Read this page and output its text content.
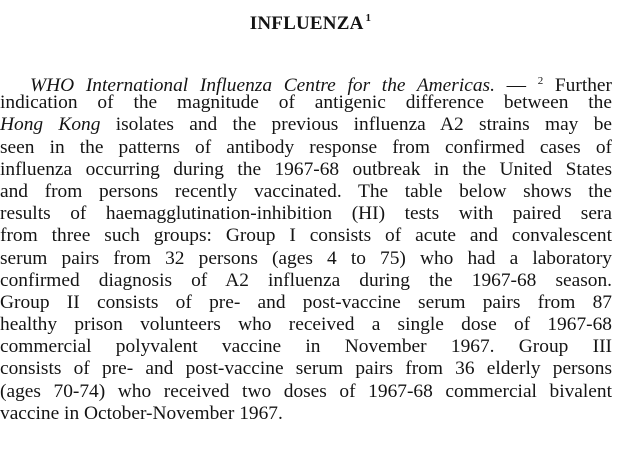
INFLUENZA $^1$
WHO International Influenza Centre for the Americas. — $^2$ Further
indication of the magnitude of antigenic difference between the
Hong Kong isolates and the previous influenza A2 strains may be
seen in the patterns of antibody response from confirmed cases of
influenza occurring during the 1967-68 outbreak in the United States
and from persons recently vaccinated. The table below shows the
results of haemagglutination-inhibition (HI) tests with paired sera
from three such groups: Group I consists of acute and convalescent
serum pairs from 32 persons (ages 4 to 75) who had a laboratory
confirmed diagnosis of A2 influenza during the 1967-68 season.
Group II consists of pre- and post-vaccine serum pairs from 87
healthy prison volunteers who received a single dose of 1967-68
commercial polyvalent vaccine in November 1967. Group III
consists of pre- and post-vaccine serum pairs from 36 elderly persons
(ages 70-74) who received two doses of 1967-68 commercial bivalent
vaccine in October-November 1967.
